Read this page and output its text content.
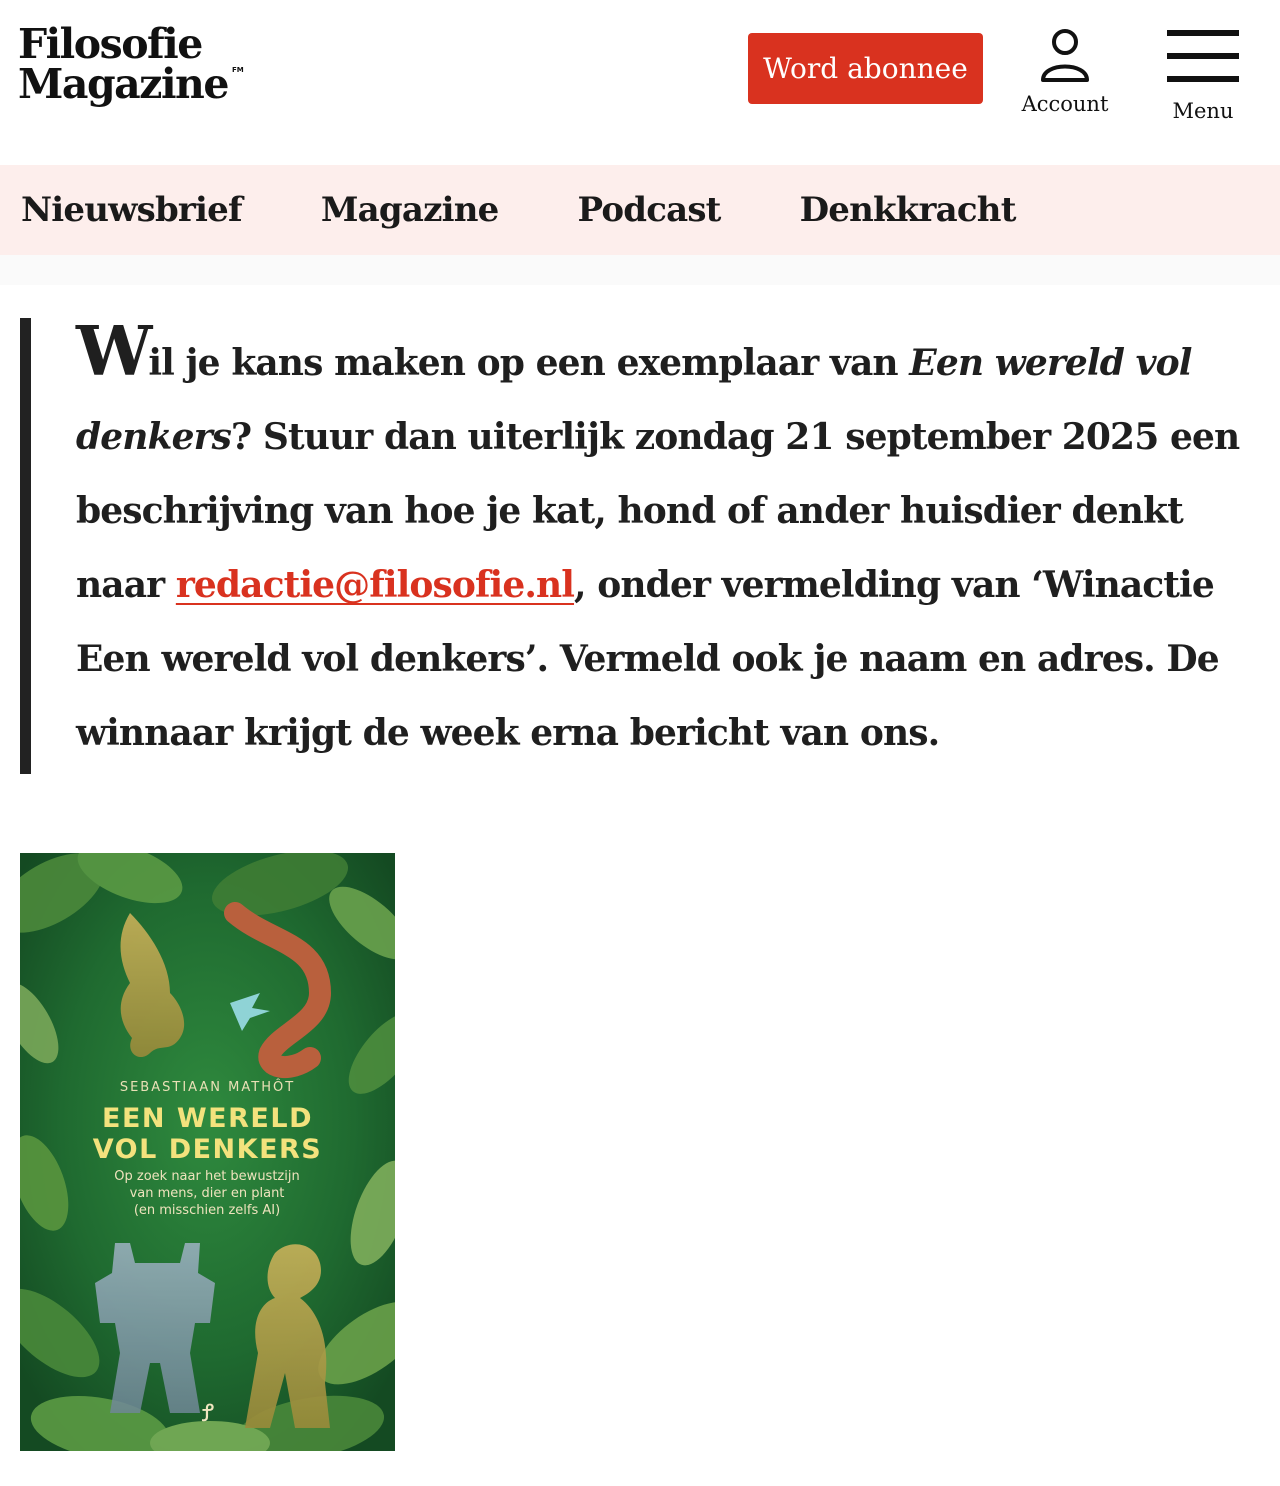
Filosofie
Magazine FM	Word abonnee
Account	Menu
Nieuwsbrief Magazine Podcast Denkkracht

Wil je kans maken op een exemplaar van Een wereld vol denkers? Stuur dan uiterlijk zondag 21 september 2025 een beschrijving van hoe je kat, hond of ander huisdier denkt naar redactie@filosofie.nl, onder vermelding van ‘Winactie Een wereld vol denkers’. Vermeld ook je naam en adres. De winnaar krijgt de week erna bericht van ons.

SEBASTIAAN MATHÔT
EEN WERELD
VOL DENKERS
Op zoek naar het bewustzijn
van mens, dier en plant
(en misschien zelfs AI)
Ꝭ
